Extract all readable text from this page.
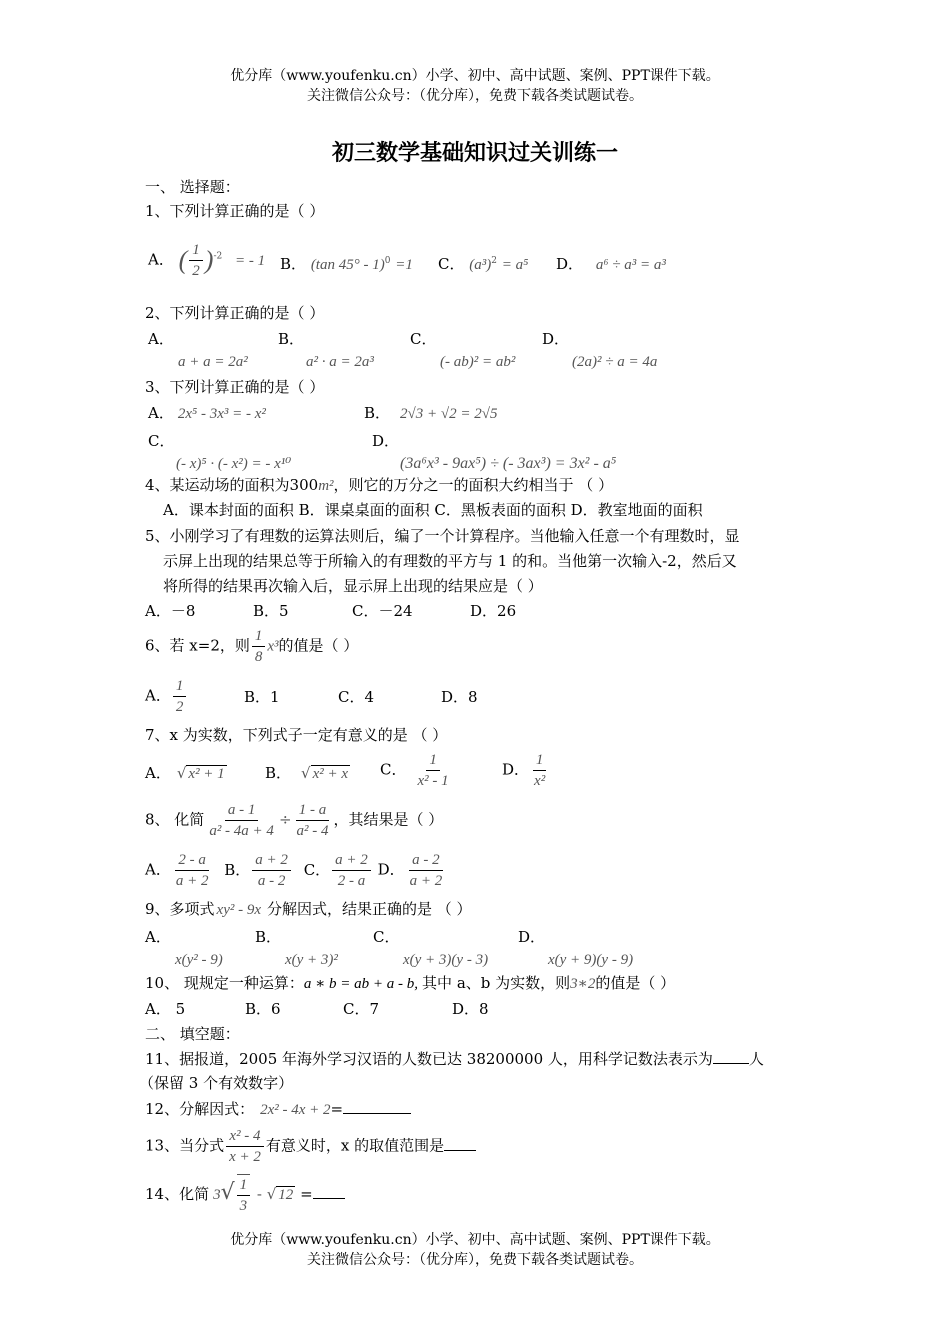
优分库（www.youfenku.cn）小学、初中、高中试题、案例、PPT课件下载。
关注微信公众号：（优分库），免费下载各类试题试卷。
初三数学基础知识过关训练一
一、 选择题：
1、下列计算正确的是（ ）
A． ( $\frac{1}{2} )^{-2}$ = - 1 B． (tan 45° - 1)$^0$ =1 C． $(a^3)^2 = a^5$ D． a⁶ ÷ a³ = a³
2、下列计算正确的是（ ）
A．
a + a = 2a²
B．
a² · a = 2a³
C．
(- ab)² = ab²
D．
(2a)² ÷ a = 4a
3、下列计算正确的是（ ）
A． 2x⁵ - 3x³ = - x²	B． 2√3 + √2 = 2√5
C．
(- x)⁵ · (- x²) = - x¹⁰
D．
(3a⁶x³ - 9ax⁵) ÷ (- 3ax³) = 3x² - a⁵
4、某运动场的面积为300m²，则它的万分之一的面积大约相当于 （ ）
A．课本封面的面积 B．课桌桌面的面积 C．黑板表面的面积 D．教室地面的面积
5、小刚学习了有理数的运算法则后，编了一个计算程序。当他输入任意一个有理数时，显
示屏上出现的结果总等于所输入的有理数的平方与 1 的和。当他第一次输入-2，然后又
将所得的结果再次输入后，显示屏上出现的结果应是（ ）
A．－8	B．5	C．－24	D．26
6、若 x=2，则 $\frac{1}{8} x^3$的值是（ ）
A． $\frac{1}{2}$	B．1	C．4	D．8
7、x 为实数，下列式子一定有意义的是 （ ）
A． √ x² + 1	B． √ x² + x C． $\frac{1}{\text{x² - 1}}$	D． $\frac{1}{\text{x²}}$
8、 化简 $\frac{a - 1}{\text{a² - 4a + 4}} \div \frac{1 - a}{\text{a² - 4}}$ ，其结果是（ ）
A． $\frac{2 - a}{a + 2}$ B． $\frac{a + 2}{a - 2}$ C． $\frac{a + 2}{2 - a}$ D． $\frac{a - 2}{a + 2}$
9、多项式 xy² - 9x 分解因式，结果正确的是 （ ）
A．
x(y² - 9)
B．
x(y + 3)²
C．
x(y + 3)(y - 3)
D．
x(y + 9)(y - 9)
10、 现规定一种运算：a ∗ b = ab + a - b, 其中 a、b 为实数，则3∗2的值是（ ）
A． 5	B．6	C．7	D．8
二、 填空题：
11、据报道，2005 年海外学习汉语的人数已达 38200000 人，用科学记数法表示为 人
（保留 3 个有效数字）
12、分解因式： 2x² - 4x + 2=
13、当分式 $\frac{\text{x² - 4}}{x + 2}$ 有意义时，x 的取值范围是
14、化简 $3√ \frac{1}{3}$ - √ 12 =
优分库（www.youfenku.cn）小学、初中、高中试题、案例、PPT课件下载。
关注微信公众号：（优分库），免费下载各类试题试卷。
